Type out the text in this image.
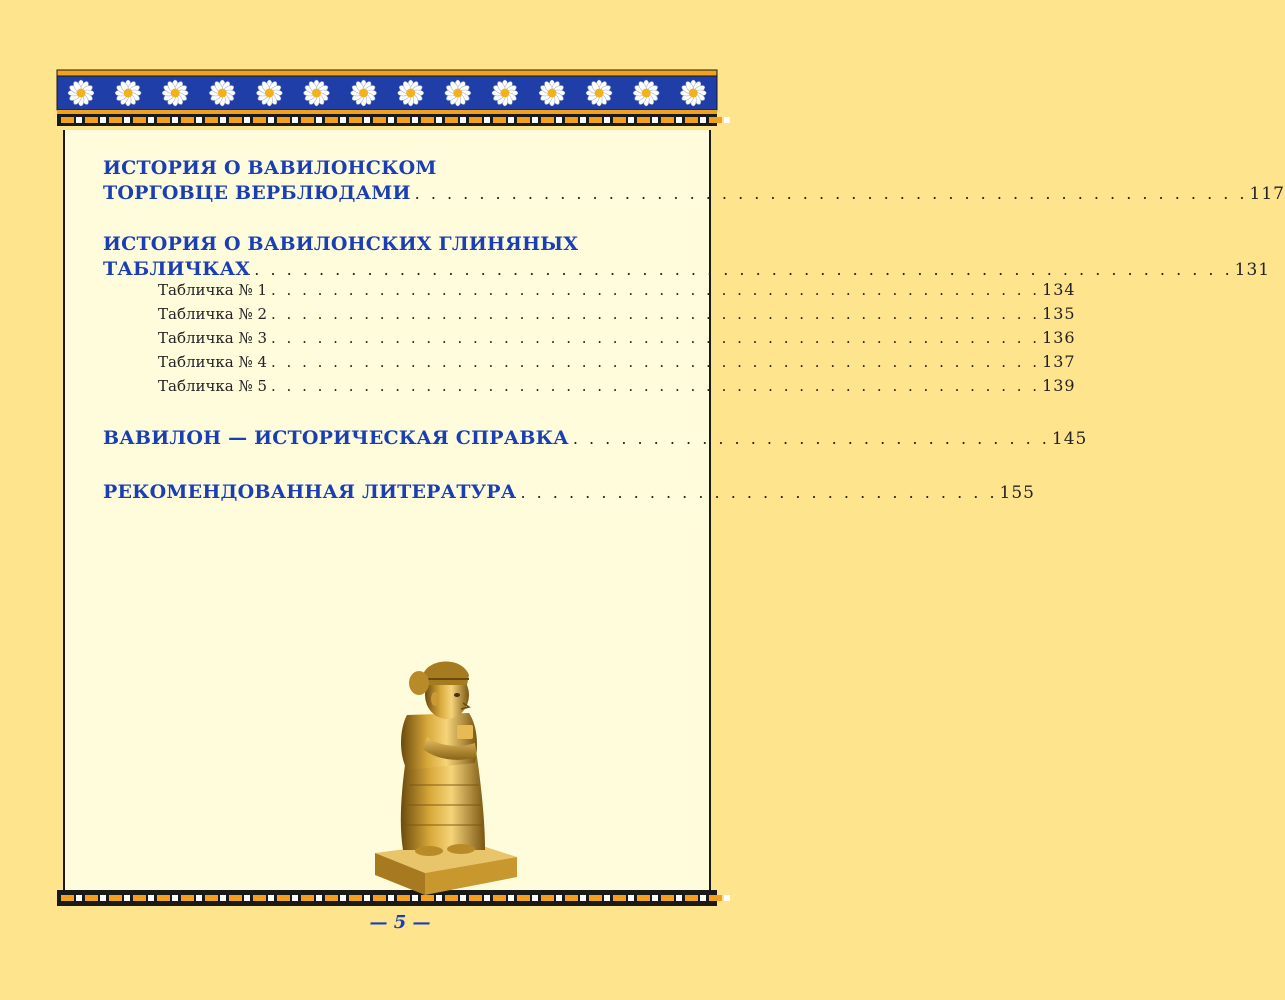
ИСТОРИЯ О ВАВИЛОНСКОМ
ТОРГОВЦЕ ВЕРБЛЮДАМИ . . . . . . . . . . . . . . . . . . . . . . . . . . . . . . . . . . . . . . . . . . . . . . . . . . . . 117
ИСТОРИЯ О ВАВИЛОНСКИХ ГЛИНЯНЫХ
ТАБЛИЧКАХ . . . . . . . . . . . . . . . . . . . . . . . . . . . . . . . . . . . . . . . . . . . . . . . . . . . . . . . . . . . . . 131
Табличка № 1 . . . . . . . . . . . . . . . . . . . . . . . . . . . . . . . . . . . . . . . . . . . . . . . . . . 134
Табличка № 2 . . . . . . . . . . . . . . . . . . . . . . . . . . . . . . . . . . . . . . . . . . . . . . . . . . 135
Табличка № 3 . . . . . . . . . . . . . . . . . . . . . . . . . . . . . . . . . . . . . . . . . . . . . . . . . . 136
Табличка № 4 . . . . . . . . . . . . . . . . . . . . . . . . . . . . . . . . . . . . . . . . . . . . . . . . . . 137
Табличка № 5 . . . . . . . . . . . . . . . . . . . . . . . . . . . . . . . . . . . . . . . . . . . . . . . . . . 139
ВАВИЛОН — ИСТОРИЧЕСКАЯ СПРАВКА . . . . . . . . . . . . . . . . . . . . . . . . . . . . . . 145
РЕКОМЕНДОВАННАЯ ЛИТЕРАТУРА . . . . . . . . . . . . . . . . . . . . . . . . . . . . . . 155
— 5 —
